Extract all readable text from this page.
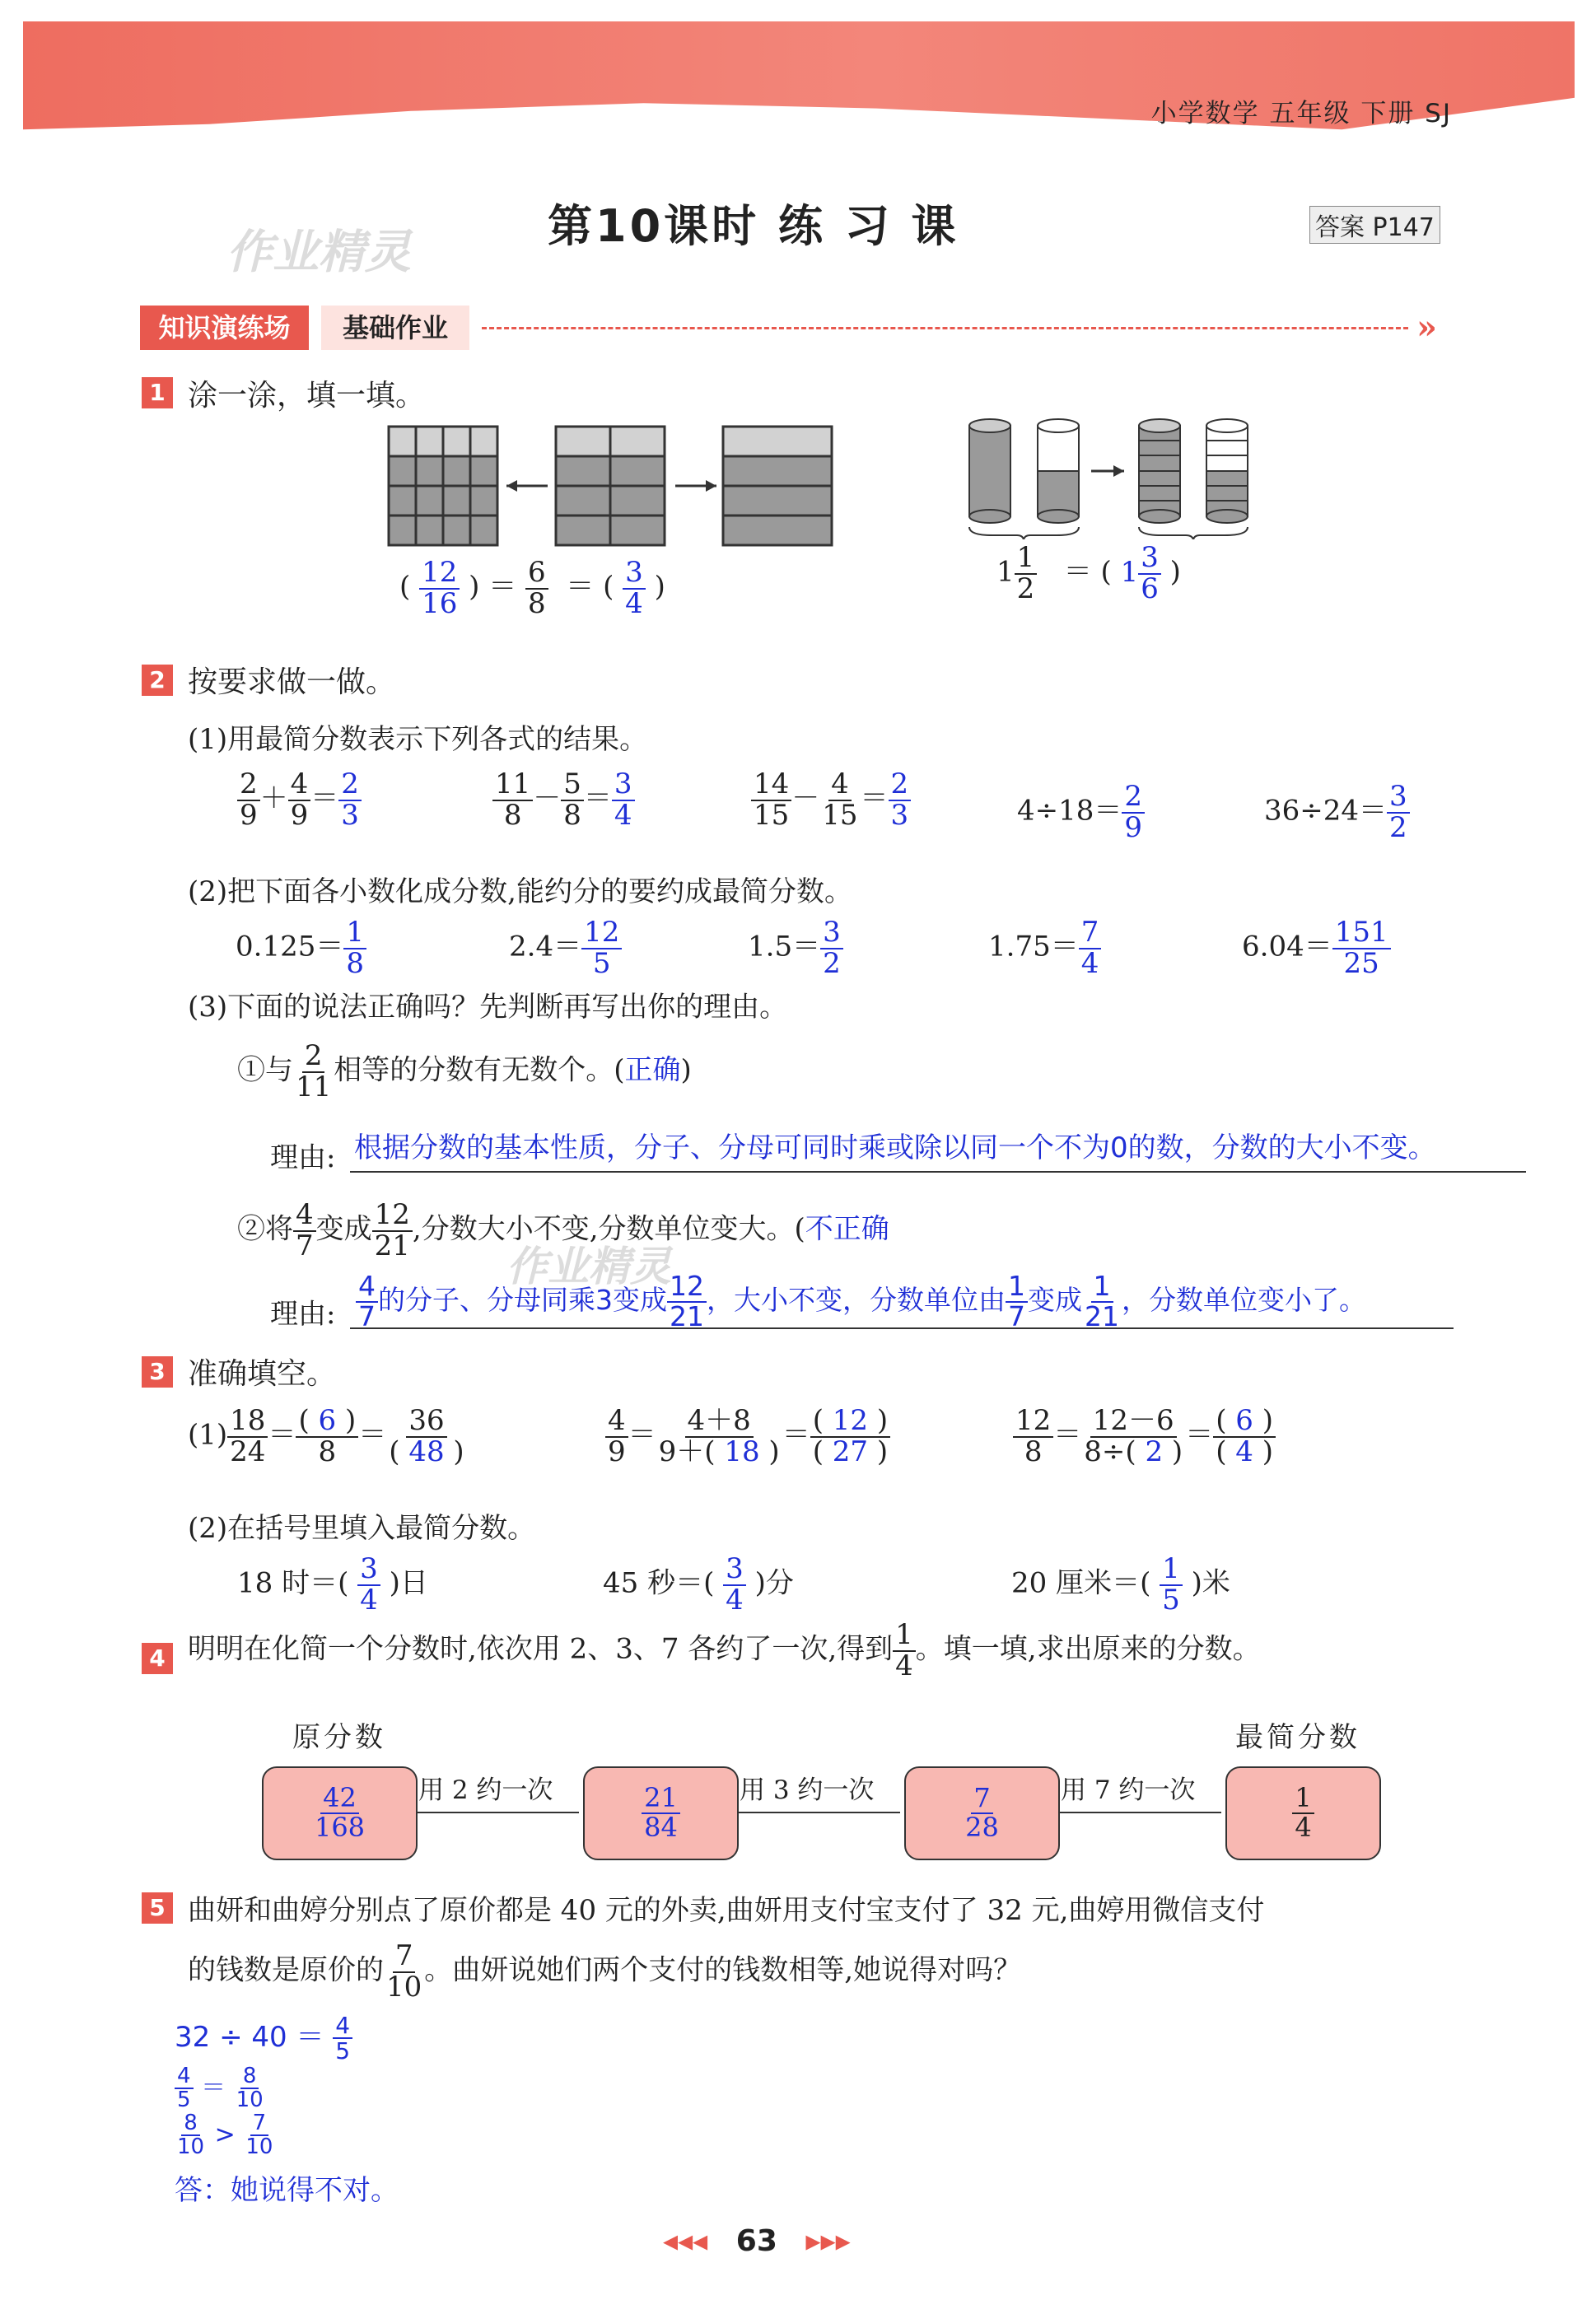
小学数学 五年级 下册 SJ
作业精灵	第10课时 练 习 课	答案 P147
知识演练场	基础作业	»
1 涂一涂，填一填。
( $\frac{12}{16}$ ) ＝ $\frac{6}{8}$ ＝ ( $\frac{3}{4}$ )	$1 \frac{1}{2}$ ＝ ( $1 \frac{3}{6}$ )
2 按要求做一做。
(1)用最简分数表示下列各式的结果。
$\frac{2}{9} + \frac{4}{9} = \frac{2}{3}$	$\frac{11}{8} - \frac{5}{8} = \frac{3}{4}$	$\frac{14}{15} - \frac{4}{15} = \frac{2}{3}$	$4\div 18= \frac{2}{9}$	$36\div 24= \frac{3}{2}$
(2)把下面各小数化成分数,能约分的要约成最简分数。
$0.125= \frac{1}{8}$	$2.4= \frac{12}{5}$	$1.5= \frac{3}{2}$	$1.75= \frac{7}{4}$	$6.04= \frac{151}{25}$
(3)下面的说法正确吗？先判断再写出你的理由。
①与 $\frac{2}{11}$ 相等的分数有无数个。(正确)
理由: 根据分数的基本性质，分子、分母可同时乘或除以同一个不为0的数，分数的大小不变。
②将 $\frac{4}{7}$ 变成 $\frac{12}{21}$ ,分数大小不变,分数单位变大。(不正确
作业精灵
理由: $\frac{4}{7}$ 的分子、分母同乘3变成 $\frac{12}{21}$ ，大小不变，分数单位由 $\frac{1}{7}$ 变成 $\frac{1}{21}$ ，分数单位变小了。
3 准确填空。
$(1) \frac{18}{24} = \frac{( 6 )}{8} = \frac{36}{( 48 )}$	$\frac{4}{9} = \frac{4+8}{9+( 18 )} = \frac{( 12 )}{( 27 )}$	$\frac{12}{8} = \frac{12-6}{8\div( 2 )} = \frac{( 6 )}{( 4 )}$
(2)在括号里填入最简分数。
18 时＝( $\frac{3}{4}$ )日	45 秒＝( $\frac{3}{4}$ )分	20 厘米＝( $\frac{1}{5}$ )米
4 明明在化简一个分数时,依次用 2、3、7 各约了一次,得到 $\frac{1}{4}$ 。填一填,求出原来的分数。
原分数	最简分数
$\frac{42}{168}$	$\frac{21}{84}$	$\frac{7}{28}$	$\frac{1}{4}$
用 2 约一次	用 3 约一次	用 7 约一次
5 曲妍和曲婷分别点了原价都是 40 元的外卖,曲妍用支付宝支付了 32 元,曲婷用微信支付
的钱数是原价的 $\frac{7}{10}$ 。曲妍说她们两个支付的钱数相等,她说得对吗？
$32 \div 40 = \frac{4}{5}$
$\frac{4}{5} = \frac{8}{10}$
$\frac{8}{10} > \frac{7}{10}$
答：她说得不对。
◂◂◂ 63 ▸▸▸
